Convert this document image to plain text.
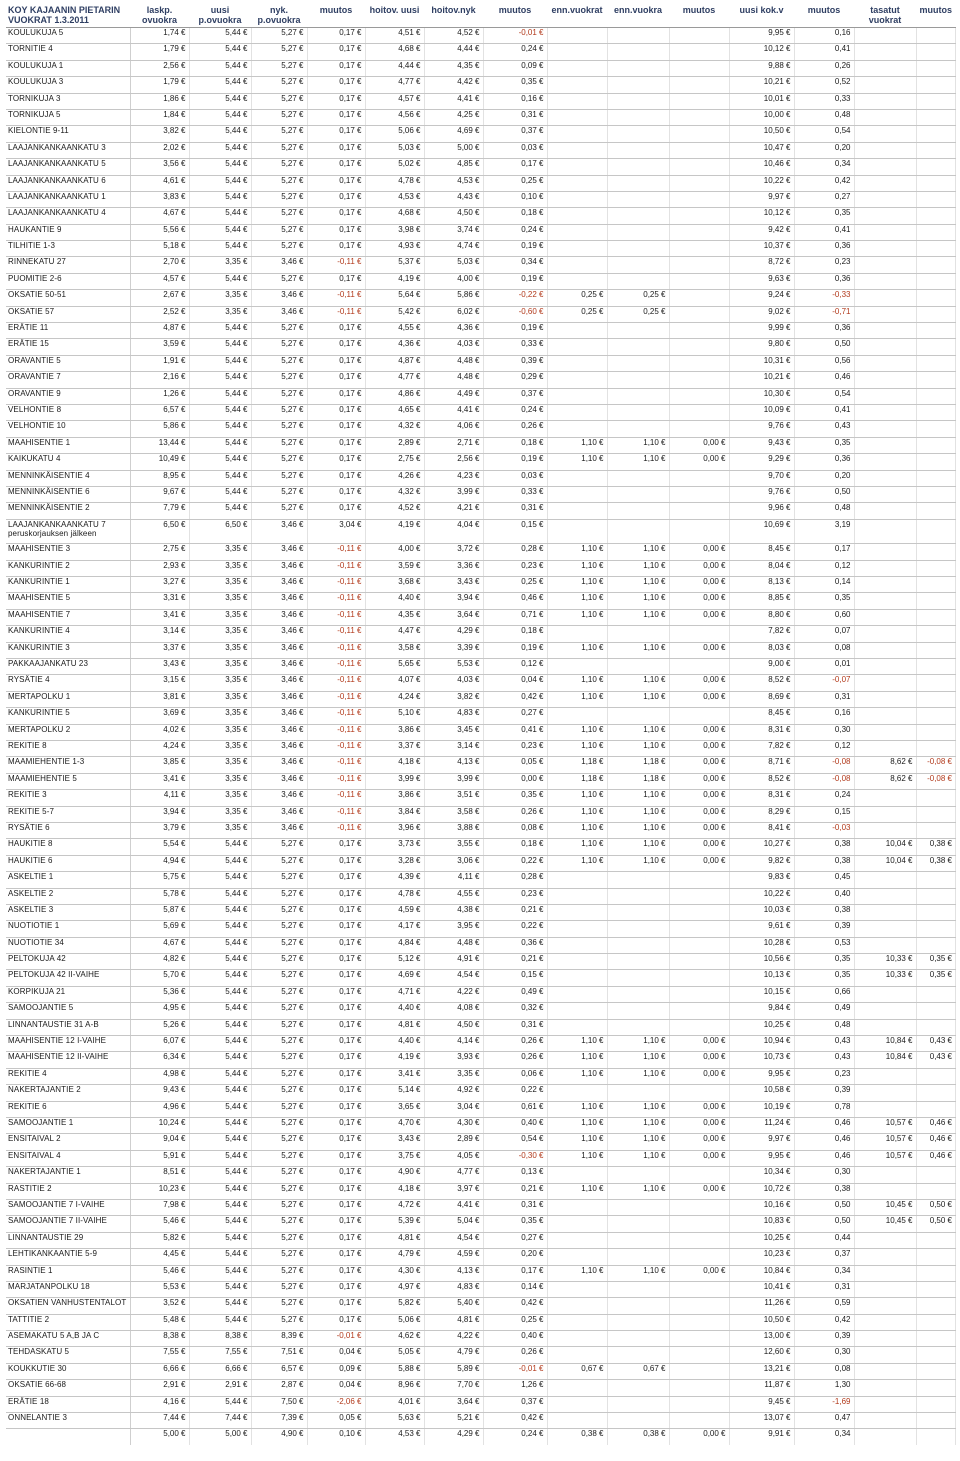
KOY KAJAANIN PIETARIN VUOKRAT 1.3.2011	laskp. ovuokra	uusi p.ovuokra	nyk. p.ovuokra	muutos	hoitov. uusi	hoitov.nyk	muutos	enn.vuokrat	enn.vuokra	muutos	uusi kok.v	muutos	tasatut vuokrat	muutos
KOULUKUJA 5	1,74 €	5,44 €	5,27 €	0,17 €	4,51 €	4,52 €	-0,01 €				9,95 €	0,16		
TORNITIE 4	1,79 €	5,44 €	5,27 €	0,17 €	4,68 €	4,44 €	0,24 €				10,12 €	0,41		
KOULUKUJA 1	2,56 €	5,44 €	5,27 €	0,17 €	4,44 €	4,35 €	0,09 €				9,88 €	0,26		
KOULUKUJA 3	1,79 €	5,44 €	5,27 €	0,17 €	4,77 €	4,42 €	0,35 €				10,21 €	0,52		
TORNIKUJA 3	1,86 €	5,44 €	5,27 €	0,17 €	4,57 €	4,41 €	0,16 €				10,01 €	0,33		
TORNIKUJA 5	1,84 €	5,44 €	5,27 €	0,17 €	4,56 €	4,25 €	0,31 €				10,00 €	0,48		
KIELONTIE 9-11	3,82 €	5,44 €	5,27 €	0,17 €	5,06 €	4,69 €	0,37 €				10,50 €	0,54		
LAAJANKANKAANKATU 3	2,02 €	5,44 €	5,27 €	0,17 €	5,03 €	5,00 €	0,03 €				10,47 €	0,20		
LAAJANKANKAANKATU 5	3,56 €	5,44 €	5,27 €	0,17 €	5,02 €	4,85 €	0,17 €				10,46 €	0,34		
LAAJANKANKAANKATU 6	4,61 €	5,44 €	5,27 €	0,17 €	4,78 €	4,53 €	0,25 €				10,22 €	0,42		
LAAJANKANKAANKATU 1	3,83 €	5,44 €	5,27 €	0,17 €	4,53 €	4,43 €	0,10 €				9,97 €	0,27		
LAAJANKANKAANKATU 4	4,67 €	5,44 €	5,27 €	0,17 €	4,68 €	4,50 €	0,18 €				10,12 €	0,35		
HAUKANTIE 9	5,56 €	5,44 €	5,27 €	0,17 €	3,98 €	3,74 €	0,24 €				9,42 €	0,41		
TILHITIE 1-3	5,18 €	5,44 €	5,27 €	0,17 €	4,93 €	4,74 €	0,19 €				10,37 €	0,36		
RINNEKATU 27	2,70 €	3,35 €	3,46 €	-0,11 €	5,37 €	5,03 €	0,34 €				8,72 €	0,23		
PUOMITIE 2-6	4,57 €	5,44 €	5,27 €	0,17 €	4,19 €	4,00 €	0,19 €				9,63 €	0,36		
OKSATIE 50-51	2,67 €	3,35 €	3,46 €	-0,11 €	5,64 €	5,86 €	-0,22 €	0,25 €	0,25 €		9,24 €	-0,33		
OKSATIE 57	2,52 €	3,35 €	3,46 €	-0,11 €	5,42 €	6,02 €	-0,60 €	0,25 €	0,25 €		9,02 €	-0,71		
ERÄTIE 11	4,87 €	5,44 €	5,27 €	0,17 €	4,55 €	4,36 €	0,19 €				9,99 €	0,36		
ERÄTIE 15	3,59 €	5,44 €	5,27 €	0,17 €	4,36 €	4,03 €	0,33 €				9,80 €	0,50		
ORAVANTIE 5	1,91 €	5,44 €	5,27 €	0,17 €	4,87 €	4,48 €	0,39 €				10,31 €	0,56		
ORAVANTIE 7	2,16 €	5,44 €	5,27 €	0,17 €	4,77 €	4,48 €	0,29 €				10,21 €	0,46		
ORAVANTIE 9	1,26 €	5,44 €	5,27 €	0,17 €	4,86 €	4,49 €	0,37 €				10,30 €	0,54		
VELHONTIE 8	6,57 €	5,44 €	5,27 €	0,17 €	4,65 €	4,41 €	0,24 €				10,09 €	0,41		
VELHONTIE 10	5,86 €	5,44 €	5,27 €	0,17 €	4,32 €	4,06 €	0,26 €				9,76 €	0,43		
MAAHISENTIE 1	13,44 €	5,44 €	5,27 €	0,17 €	2,89 €	2,71 €	0,18 €	1,10 €	1,10 €	0,00 €	9,43 €	0,35		
KAIKUKATU 4	10,49 €	5,44 €	5,27 €	0,17 €	2,75 €	2,56 €	0,19 €	1,10 €	1,10 €	0,00 €	9,29 €	0,36		
MENNINKÄISENTIE 4	8,95 €	5,44 €	5,27 €	0,17 €	4,26 €	4,23 €	0,03 €				9,70 €	0,20		
MENNINKÄISENTIE 6	9,67 €	5,44 €	5,27 €	0,17 €	4,32 €	3,99 €	0,33 €				9,76 €	0,50		
MENNINKÄISENTIE 2	7,79 €	5,44 €	5,27 €	0,17 €	4,52 €	4,21 €	0,31 €				9,96 €	0,48		
LAAJANKANKAANKATU 7
peruskorjauksen jälkeen	6,50 €	6,50 €	3,46 €	3,04 €	4,19 €	4,04 €	0,15 €				10,69 €	3,19		
MAAHISENTIE 3	2,75 €	3,35 €	3,46 €	-0,11 €	4,00 €	3,72 €	0,28 €	1,10 €	1,10 €	0,00 €	8,45 €	0,17		
KANKURINTIE 2	2,93 €	3,35 €	3,46 €	-0,11 €	3,59 €	3,36 €	0,23 €	1,10 €	1,10 €	0,00 €	8,04 €	0,12		
KANKURINTIE 1	3,27 €	3,35 €	3,46 €	-0,11 €	3,68 €	3,43 €	0,25 €	1,10 €	1,10 €	0,00 €	8,13 €	0,14		
MAAHISENTIE 5	3,31 €	3,35 €	3,46 €	-0,11 €	4,40 €	3,94 €	0,46 €	1,10 €	1,10 €	0,00 €	8,85 €	0,35		
MAAHISENTIE 7	3,41 €	3,35 €	3,46 €	-0,11 €	4,35 €	3,64 €	0,71 €	1,10 €	1,10 €	0,00 €	8,80 €	0,60		
KANKURINTIE 4	3,14 €	3,35 €	3,46 €	-0,11 €	4,47 €	4,29 €	0,18 €				7,82 €	0,07		
KANKURINTIE 3	3,37 €	3,35 €	3,46 €	-0,11 €	3,58 €	3,39 €	0,19 €	1,10 €	1,10 €	0,00 €	8,03 €	0,08		
PAKKAAJANKATU 23	3,43 €	3,35 €	3,46 €	-0,11 €	5,65 €	5,53 €	0,12 €				9,00 €	0,01		
RYSÄTIE 4	3,15 €	3,35 €	3,46 €	-0,11 €	4,07 €	4,03 €	0,04 €	1,10 €	1,10 €	0,00 €	8,52 €	-0,07		
MERTAPOLKU 1	3,81 €	3,35 €	3,46 €	-0,11 €	4,24 €	3,82 €	0,42 €	1,10 €	1,10 €	0,00 €	8,69 €	0,31		
KANKURINTIE 5	3,69 €	3,35 €	3,46 €	-0,11 €	5,10 €	4,83 €	0,27 €				8,45 €	0,16		
MERTAPOLKU 2	4,02 €	3,35 €	3,46 €	-0,11 €	3,86 €	3,45 €	0,41 €	1,10 €	1,10 €	0,00 €	8,31 €	0,30		
REKITIE 8	4,24 €	3,35 €	3,46 €	-0,11 €	3,37 €	3,14 €	0,23 €	1,10 €	1,10 €	0,00 €	7,82 €	0,12		
MAAMIEHENTIE 1-3	3,85 €	3,35 €	3,46 €	-0,11 €	4,18 €	4,13 €	0,05 €	1,18 €	1,18 €	0,00 €	8,71 €	-0,08	8,62 €	-0,08 €
MAAMIEHENTIE 5	3,41 €	3,35 €	3,46 €	-0,11 €	3,99 €	3,99 €	0,00 €	1,18 €	1,18 €	0,00 €	8,52 €	-0,08	8,62 €	-0,08 €
REKITIE 3	4,11 €	3,35 €	3,46 €	-0,11 €	3,86 €	3,51 €	0,35 €	1,10 €	1,10 €	0,00 €	8,31 €	0,24		
REKITIE 5-7	3,94 €	3,35 €	3,46 €	-0,11 €	3,84 €	3,58 €	0,26 €	1,10 €	1,10 €	0,00 €	8,29 €	0,15		
RYSÄTIE 6	3,79 €	3,35 €	3,46 €	-0,11 €	3,96 €	3,88 €	0,08 €	1,10 €	1,10 €	0,00 €	8,41 €	-0,03		
HAUKITIE 8	5,54 €	5,44 €	5,27 €	0,17 €	3,73 €	3,55 €	0,18 €	1,10 €	1,10 €	0,00 €	10,27 €	0,38	10,04 €	0,38 €
HAUKITIE 6	4,94 €	5,44 €	5,27 €	0,17 €	3,28 €	3,06 €	0,22 €	1,10 €	1,10 €	0,00 €	9,82 €	0,38	10,04 €	0,38 €
ASKELTIE 1	5,75 €	5,44 €	5,27 €	0,17 €	4,39 €	4,11 €	0,28 €				9,83 €	0,45		
ASKELTIE 2	5,78 €	5,44 €	5,27 €	0,17 €	4,78 €	4,55 €	0,23 €				10,22 €	0,40		
ASKELTIE 3	5,87 €	5,44 €	5,27 €	0,17 €	4,59 €	4,38 €	0,21 €				10,03 €	0,38		
NUOTIOTIE 1	5,69 €	5,44 €	5,27 €	0,17 €	4,17 €	3,95 €	0,22 €				9,61 €	0,39		
NUOTIOTIE 34	4,67 €	5,44 €	5,27 €	0,17 €	4,84 €	4,48 €	0,36 €				10,28 €	0,53		
PELTOKUJA 42	4,82 €	5,44 €	5,27 €	0,17 €	5,12 €	4,91 €	0,21 €				10,56 €	0,35	10,33 €	0,35 €
PELTOKUJA 42 II-VAIHE	5,70 €	5,44 €	5,27 €	0,17 €	4,69 €	4,54 €	0,15 €				10,13 €	0,35	10,33 €	0,35 €
KORPIKUJA 21	5,36 €	5,44 €	5,27 €	0,17 €	4,71 €	4,22 €	0,49 €				10,15 €	0,66		
SAMOOJANTIE 5	4,95 €	5,44 €	5,27 €	0,17 €	4,40 €	4,08 €	0,32 €				9,84 €	0,49		
LINNANTAUSTIE 31 A-B	5,26 €	5,44 €	5,27 €	0,17 €	4,81 €	4,50 €	0,31 €				10,25 €	0,48		
MAAHISENTIE 12 I-VAIHE	6,07 €	5,44 €	5,27 €	0,17 €	4,40 €	4,14 €	0,26 €	1,10 €	1,10 €	0,00 €	10,94 €	0,43	10,84 €	0,43 €
MAAHISENTIE 12 II-VAIHE	6,34 €	5,44 €	5,27 €	0,17 €	4,19 €	3,93 €	0,26 €	1,10 €	1,10 €	0,00 €	10,73 €	0,43	10,84 €	0,43 €
REKITIE 4	4,98 €	5,44 €	5,27 €	0,17 €	3,41 €	3,35 €	0,06 €	1,10 €	1,10 €	0,00 €	9,95 €	0,23		
NAKERTAJANTIE 2	9,43 €	5,44 €	5,27 €	0,17 €	5,14 €	4,92 €	0,22 €				10,58 €	0,39		
REKITIE 6	4,96 €	5,44 €	5,27 €	0,17 €	3,65 €	3,04 €	0,61 €	1,10 €	1,10 €	0,00 €	10,19 €	0,78		
SAMOOJANTIE 1	10,24 €	5,44 €	5,27 €	0,17 €	4,70 €	4,30 €	0,40 €	1,10 €	1,10 €	0,00 €	11,24 €	0,46	10,57 €	0,46 €
ENSITAIVAL 2	9,04 €	5,44 €	5,27 €	0,17 €	3,43 €	2,89 €	0,54 €	1,10 €	1,10 €	0,00 €	9,97 €	0,46	10,57 €	0,46 €
ENSITAIVAL 4	5,91 €	5,44 €	5,27 €	0,17 €	3,75 €	4,05 €	-0,30 €	1,10 €	1,10 €	0,00 €	9,95 €	0,46	10,57 €	0,46 €
NAKERTAJANTIE 1	8,51 €	5,44 €	5,27 €	0,17 €	4,90 €	4,77 €	0,13 €				10,34 €	0,30		
RASTITIE 2	10,23 €	5,44 €	5,27 €	0,17 €	4,18 €	3,97 €	0,21 €	1,10 €	1,10 €	0,00 €	10,72 €	0,38		
SAMOOJANTIE 7 I-VAIHE	7,98 €	5,44 €	5,27 €	0,17 €	4,72 €	4,41 €	0,31 €				10,16 €	0,50	10,45 €	0,50 €
SAMOOJANTIE 7 II-VAIHE	5,46 €	5,44 €	5,27 €	0,17 €	5,39 €	5,04 €	0,35 €				10,83 €	0,50	10,45 €	0,50 €
LINNANTAUSTIE 29	5,82 €	5,44 €	5,27 €	0,17 €	4,81 €	4,54 €	0,27 €				10,25 €	0,44		
LEHTIKANKAANTIE 5-9	4,45 €	5,44 €	5,27 €	0,17 €	4,79 €	4,59 €	0,20 €				10,23 €	0,37		
RASINTIE 1	5,46 €	5,44 €	5,27 €	0,17 €	4,30 €	4,13 €	0,17 €	1,10 €	1,10 €	0,00 €	10,84 €	0,34		
MARJATANPOLKU 18	5,53 €	5,44 €	5,27 €	0,17 €	4,97 €	4,83 €	0,14 €				10,41 €	0,31		
OKSATIEN VANHUSTENTALOT	3,52 €	5,44 €	5,27 €	0,17 €	5,82 €	5,40 €	0,42 €				11,26 €	0,59		
TATTITIE 2	5,48 €	5,44 €	5,27 €	0,17 €	5,06 €	4,81 €	0,25 €				10,50 €	0,42		
ASEMAKATU 5 A,B JA C	8,38 €	8,38 €	8,39 €	-0,01 €	4,62 €	4,22 €	0,40 €				13,00 €	0,39		
TEHDASKATU 5	7,55 €	7,55 €	7,51 €	0,04 €	5,05 €	4,79 €	0,26 €				12,60 €	0,30		
KOUKKUTIE 30	6,66 €	6,66 €	6,57 €	0,09 €	5,88 €	5,89 €	-0,01 €	0,67 €	0,67 €		13,21 €	0,08		
OKSATIE 66-68	2,91 €	2,91 €	2,87 €	0,04 €	8,96 €	7,70 €	1,26 €				11,87 €	1,30		
ERÄTIE 18	4,16 €	5,44 €	7,50 €	-2,06 €	4,01 €	3,64 €	0,37 €				9,45 €	-1,69		
ONNELANTIE 3	7,44 €	7,44 €	7,39 €	0,05 €	5,63 €	5,21 €	0,42 €				13,07 €	0,47		
	5,00 €	5,00 €	4,90 €	0,10 €	4,53 €	4,29 €	0,24 €	0,38 €	0,38 €	0,00 €	9,91 €	0,34		
